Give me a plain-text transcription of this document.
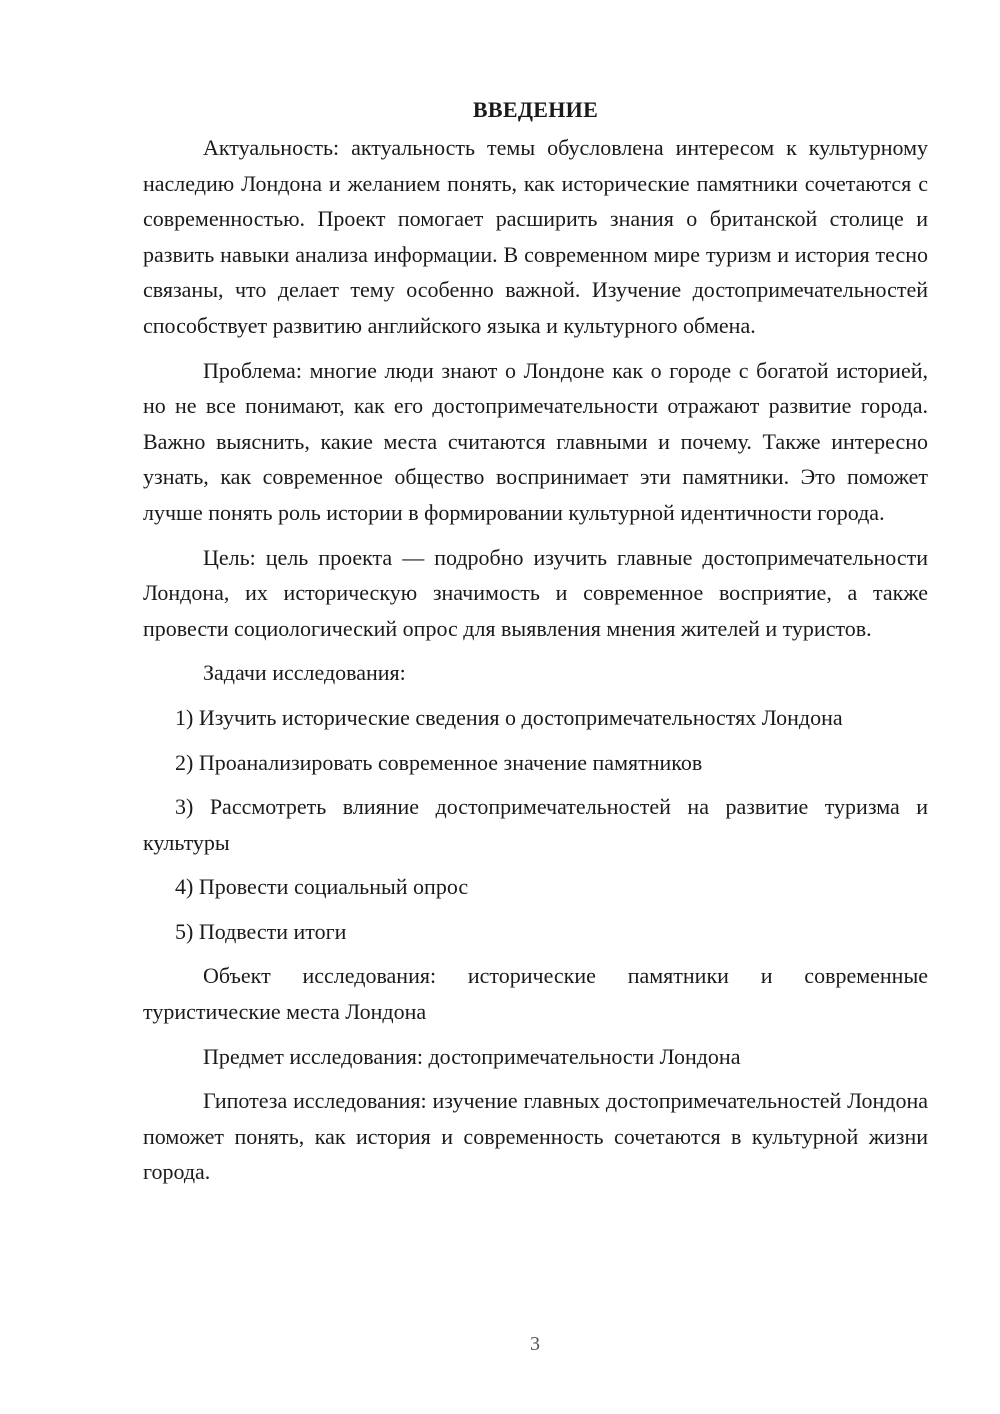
ВВЕДЕНИЕ

Актуальность: актуальность темы обусловлена интересом к культурному наследию Лондона и желанием понять, как исторические памятники сочетаются с современностью. Проект помогает расширить знания о британской столице и развить навыки анализа информации. В современном мире туризм и история тесно связаны, что делает тему особенно важной. Изучение достопримечательностей способствует развитию английского языка и культурного обмена.

Проблема: многие люди знают о Лондоне как о городе с богатой историей, но не все понимают, как его достопримечательности отражают развитие города. Важно выяснить, какие места считаются главными и почему. Также интересно узнать, как современное общество воспринимает эти памятники. Это поможет лучше понять роль истории в формировании культурной идентичности города.

Цель: цель проекта — подробно изучить главные достопримечательности Лондона, их историческую значимость и современное восприятие, а также провести социологический опрос для выявления мнения жителей и туристов.

Задачи исследования:

1) Изучить исторические сведения о достопримечательностях Лондона

2) Проанализировать современное значение памятников

3) Рассмотреть влияние достопримечательностей на развитие туризма и культуры

4) Провести социальный опрос

5) Подвести итоги

Объект исследования: исторические памятники и современные туристические места Лондона

Предмет исследования: достопримечательности Лондона

Гипотеза исследования: изучение главных достопримечательностей Лондона поможет понять, как история и современность сочетаются в культурной жизни города.

3
